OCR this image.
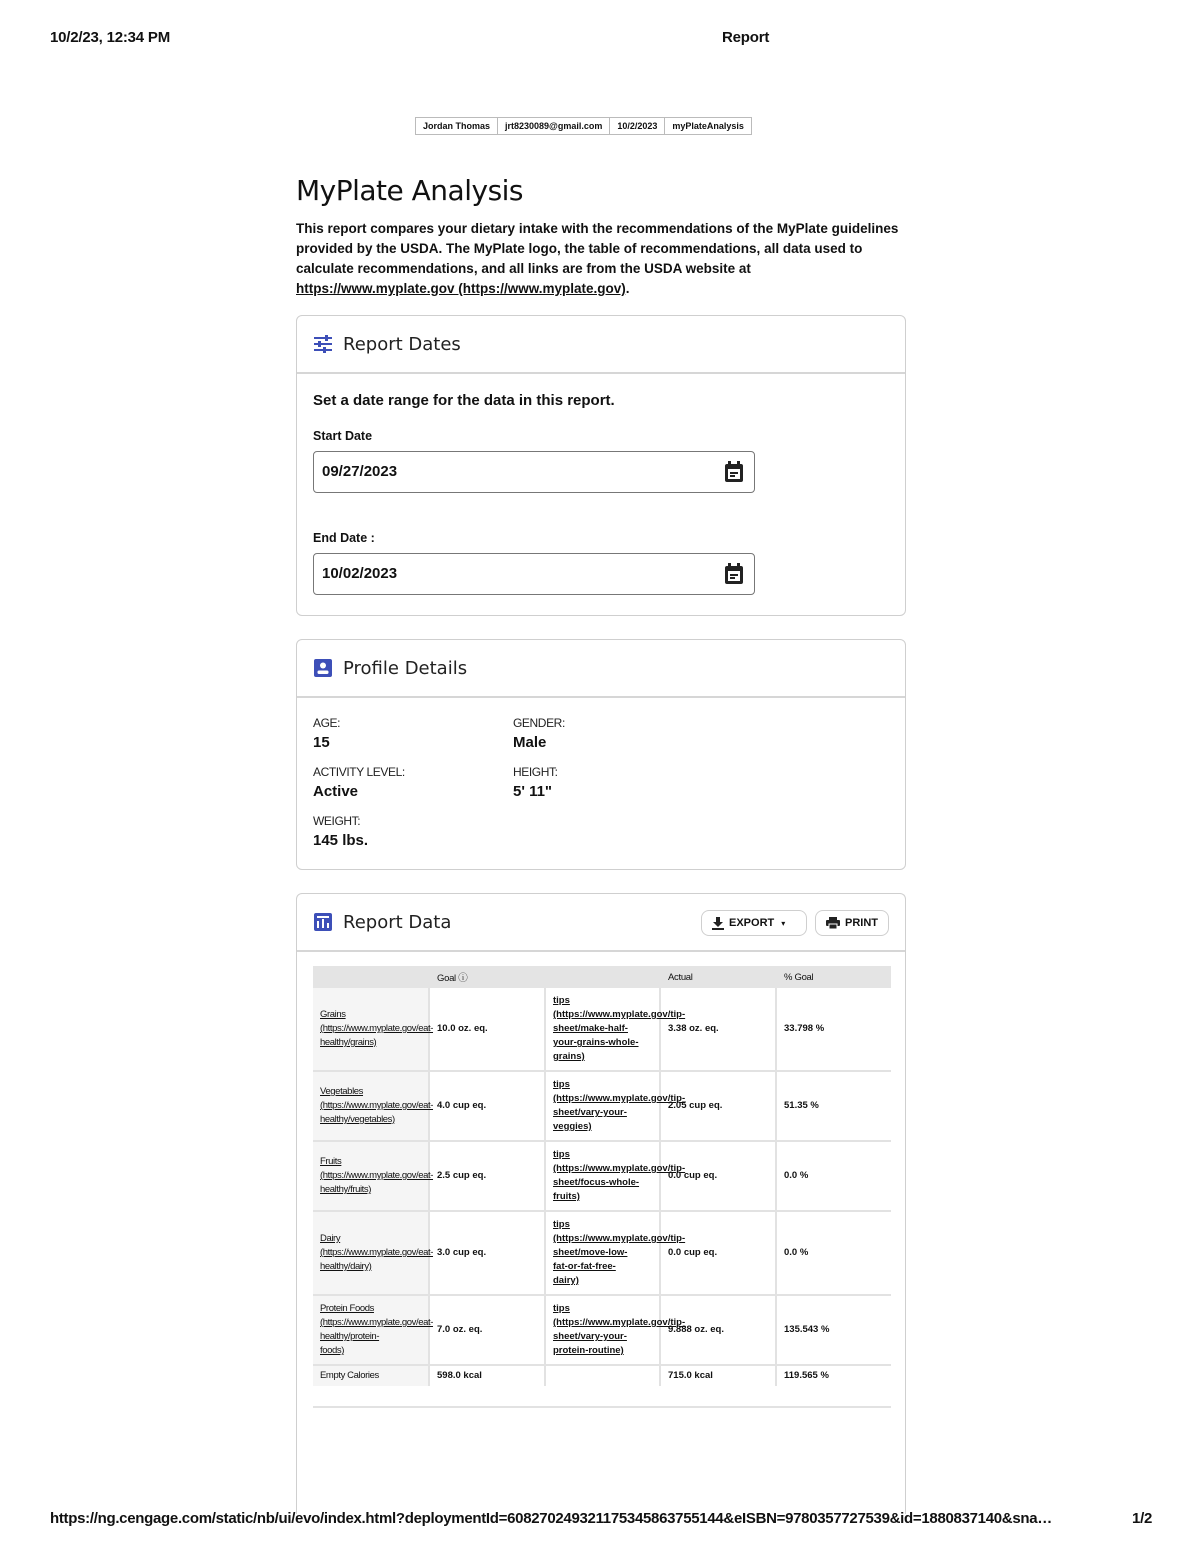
10/2/23, 12:34 PM	Report
Jordan Thomas	jrt8230089@gmail.com	10/2/2023	myPlateAnalysis
MyPlate Analysis

This report compares your dietary intake with the recommendations of the MyPlate guidelines provided by the USDA. The MyPlate logo, the table of recommendations, all data used to calculate recommendations, and all links are from the USDA website at https://www.myplate.gov (https://www.myplate.gov).

Report Dates

Set a date range for the data in this report.

Start Date

09/27/2023

End Date :

10/02/2023
Profile Details
AGE:
15
GENDER:
Male
ACTIVITY LEVEL:
Active
HEIGHT:
5' 11"
WEIGHT:
145 lbs.
Report Data	EXPORT ▾	PRINT
	Goal ⓘ		Actual	% Goal

Grains
(https://www.myplate.gov/eat-
healthy/grains)	10.0 oz. eq.	tips
(https://www.myplate.gov/tip-
sheet/make-half-
your-grains-whole-
grains)	3.38 oz. eq.	33.798 %

Vegetables
(https://www.myplate.gov/eat-
healthy/vegetables)	4.0 cup eq.	tips
(https://www.myplate.gov/tip-
sheet/vary-your-
veggies)	2.05 cup eq.	51.35 %

Fruits
(https://www.myplate.gov/eat-
healthy/fruits)	2.5 cup eq.	tips
(https://www.myplate.gov/tip-
sheet/focus-whole-
fruits)	0.0 cup eq.	0.0 %

Dairy
(https://www.myplate.gov/eat-
healthy/dairy)	3.0 cup eq.	tips
(https://www.myplate.gov/tip-
sheet/move-low-
fat-or-fat-free-
dairy)	0.0 cup eq.	0.0 %

Protein Foods
(https://www.myplate.gov/eat-
healthy/protein-
foods)	7.0 oz. eq.	tips
(https://www.myplate.gov/tip-
sheet/vary-your-
protein-routine)	9.888 oz. eq.	135.543 %
Empty Calories	598.0 kcal		715.0 kcal	119.565 %
https://ng.cengage.com/static/nb/ui/evo/index.html?deploymentId=608270249321175345863755144&eISBN=9780357727539&id=1880837140&sna…	1/2
